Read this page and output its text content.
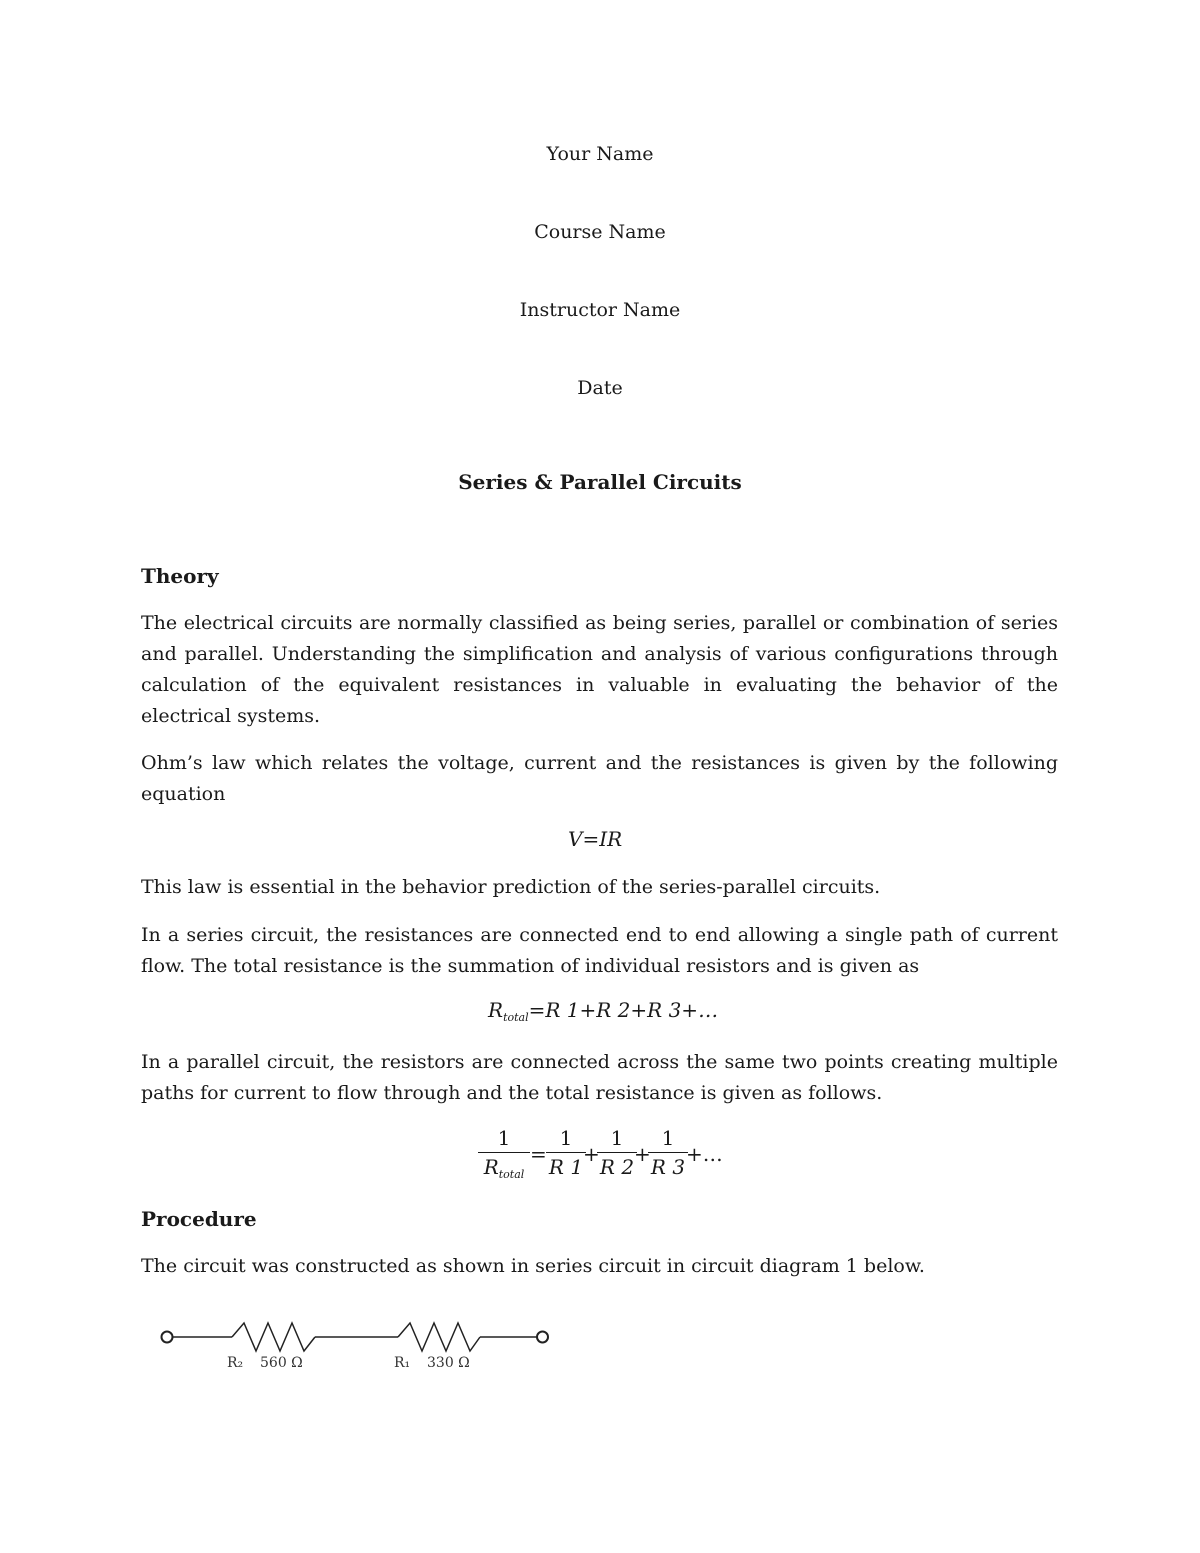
Your Name
Course Name
Instructor Name
Date
Series & Parallel Circuits
Theory
The electrical circuits are normally classified as being series, parallel or combination of series and parallel. Understanding the simplification and analysis of various configurations through calculation of the equivalent resistances in valuable in evaluating the behavior of the electrical systems.
Ohm’s law which relates the voltage, current and the resistances is given by the following equation
V=IR
This law is essential in the behavior prediction of the series-parallel circuits.
In a series circuit, the resistances are connected end to end allowing a single path of current flow. The total resistance is the summation of individual resistors and is given as
$R_{total}=R$ 1+R 2+R 3+…
In a parallel circuit, the resistors are connected across the same two points creating multiple paths for current to flow through and the total resistance is given as follows.
1
$R_{total}$
=
1
R 1
+
1
R 2
+
1
R 3
+…
Procedure
The circuit was constructed as shown in series circuit in circuit diagram 1 below.
R₂ 560 Ω	R₁ 330 Ω
